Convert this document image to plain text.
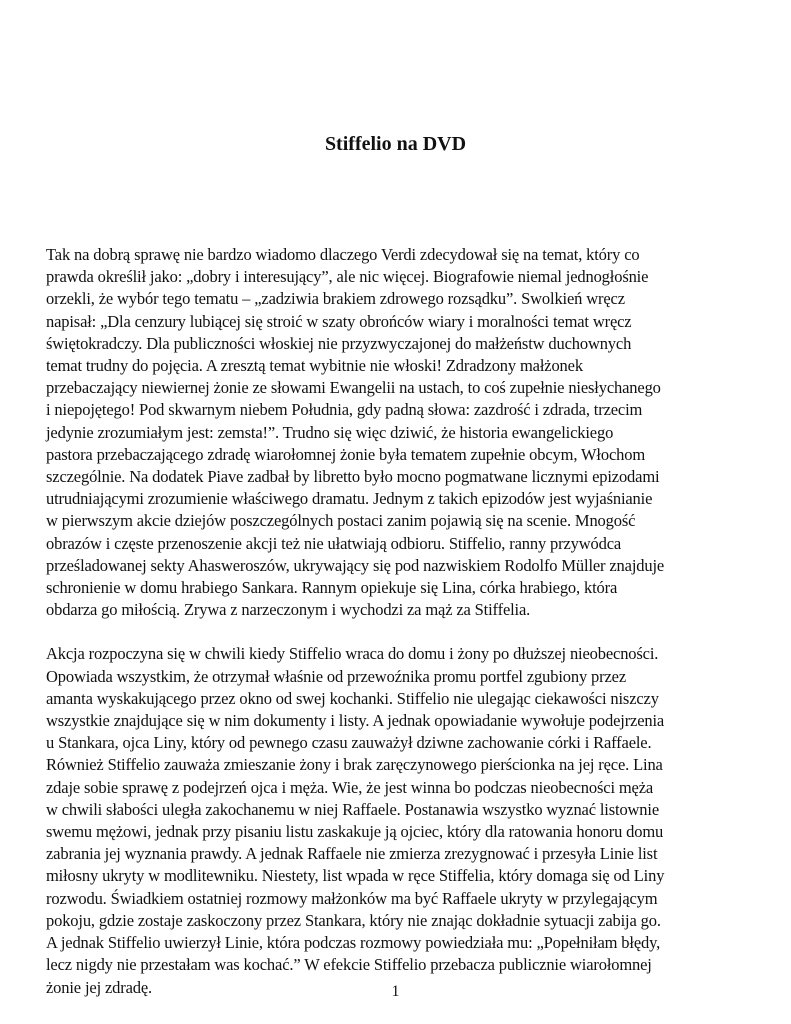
Stiffelio na DVD

Tak na dobrą sprawę nie bardzo wiadomo dlaczego Verdi zdecydował się na temat, który co
prawda określił jako: „dobry i interesujący”, ale nic więcej. Biografowie niemal jednogłośnie
orzekli, że wybór tego tematu – „zadziwia brakiem zdrowego rozsądku”. Swolkień wręcz
napisał: „Dla cenzury lubiącej się stroić w szaty obrońców wiary i moralności temat wręcz
świętokradczy. Dla publiczności włoskiej nie przyzwyczajonej do małżeństw duchownych
temat trudny do pojęcia. A zresztą temat wybitnie nie włoski! Zdradzony małżonek
przebaczający niewiernej żonie ze słowami Ewangelii na ustach, to coś zupełnie niesłychanego
i niepojętego! Pod skwarnym niebem Południa, gdy padną słowa: zazdrość i zdrada, trzecim
jedynie zrozumiałym jest: zemsta!”. Trudno się więc dziwić, że historia ewangelickiego
pastora przebaczającego zdradę wiarołomnej żonie była tematem zupełnie obcym, Włochom
szczególnie. Na dodatek Piave zadbał by libretto było mocno pogmatwane licznymi epizodami
utrudniającymi zrozumienie właściwego dramatu. Jednym z takich epizodów jest wyjaśnianie
w pierwszym akcie dziejów poszczególnych postaci zanim pojawią się na scenie. Mnogość
obrazów i częste przenoszenie akcji też nie ułatwiają odbioru. Stiffelio, ranny przywódca
prześladowanej sekty Ahasweroszów, ukrywający się pod nazwiskiem Rodolfo Müller znajduje
schronienie w domu hrabiego Sankara. Rannym opiekuje się Lina, córka hrabiego, która
obdarza go miłością. Zrywa z narzeczonym i wychodzi za mąż za Stiffelia.

Akcja rozpoczyna się w chwili kiedy Stiffelio wraca do domu i żony po dłuższej nieobecności.
Opowiada wszystkim, że otrzymał właśnie od przewoźnika promu portfel zgubiony przez
amanta wyskakującego przez okno od swej kochanki. Stiffelio nie ulegając ciekawości niszczy
wszystkie znajdujące się w nim dokumenty i listy. A jednak opowiadanie wywołuje podejrzenia
u Stankara, ojca Liny, który od pewnego czasu zauważył dziwne zachowanie córki i Raffaele.
Również Stiffelio zauważa zmieszanie żony i brak zaręczynowego pierścionka na jej ręce. Lina
zdaje sobie sprawę z podejrzeń ojca i męża. Wie, że jest winna bo podczas nieobecności męża
w chwili słabości uległa zakochanemu w niej Raffaele. Postanawia wszystko wyznać listownie
swemu mężowi, jednak przy pisaniu listu zaskakuje ją ojciec, który dla ratowania honoru domu
zabrania jej wyznania prawdy. A jednak Raffaele nie zmierza zrezygnować i przesyła Linie list
miłosny ukryty w modlitewniku. Niestety, list wpada w ręce Stiffelia, który domaga się od Liny
rozwodu. Świadkiem ostatniej rozmowy małżonków ma być Raffaele ukryty w przylegającym
pokoju, gdzie zostaje zaskoczony przez Stankara, który nie znając dokładnie sytuacji zabija go.
A jednak Stiffelio uwierzył Linie, która podczas rozmowy powiedziała mu: „Popełniłam błędy,
lecz nigdy nie przestałam was kochać.” W efekcie Stiffelio przebacza publicznie wiarołomnej
żonie jej zdradę.	1
